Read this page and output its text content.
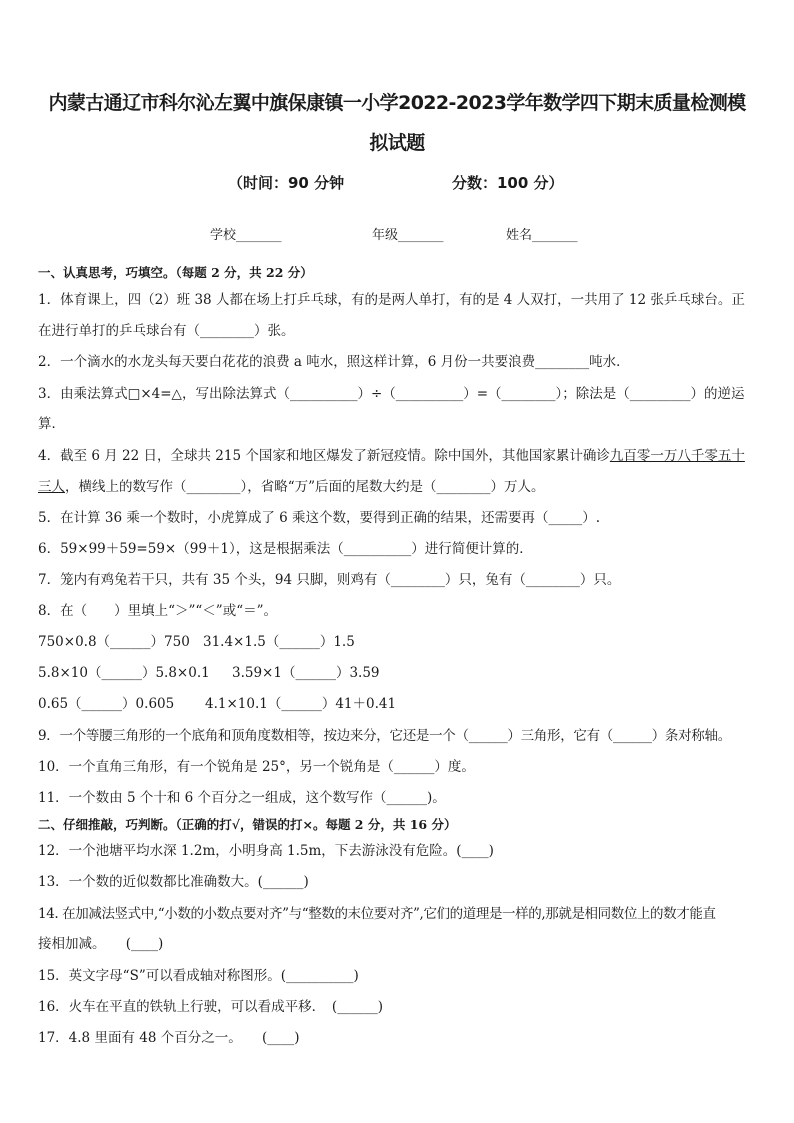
内蒙古通辽市科尔沁左翼中旗保康镇一小学2022-2023学年数学四下期末质量检测模
拟试题
（时间：90 分钟	分数：100 分）
学校_______	年级_______	姓名_______
一、认真思考，巧填空。（每题 2 分，共 22 分）
1．体育课上，四（2）班 38 人都在场上打乒乓球，有的是两人单打，有的是 4 人双打，一共用了 12 张乒乓球台。正
在进行单打的乒乓球台有（________）张。
2．一个滴水的水龙头每天要白花花的浪费 a 吨水，照这样计算，6 月份一共要浪费________吨水．
3．由乘法算式□×4=△，写出除法算式（__________）÷（__________）=（________）；除法是（_________）的逆运
算．
4．截至 6 月 22 日，全球共 215 个国家和地区爆发了新冠疫情。除中国外，其他国家累计确诊九百零一万八千零五十
三人，横线上的数写作（________），省略“万”后面的尾数大约是（________）万人。
5．在计算 36 乘一个数时，小虎算成了 6 乘这个数，要得到正确的结果，还需要再（_____）.
6．59×99＋59=59×（99＋1），这是根据乘法（__________）进行简便计算的．
7．笼内有鸡兔若干只，共有 35 个头，94 只脚，则鸡有（________）只，兔有（________）只。
8．在（　　）里填上“＞”“＜”或“＝”。
750×0.8（______）750 31.4×1.5（______）1.5
5.8×10（______）5.8×0.1 3.59×1（______）3.59
0.65（______）0.605 4.1×10.1（______）41＋0.41
9．一个等腰三角形的一个底角和顶角度数相等，按边来分，它还是一个（______）三角形，它有（______）条对称轴。
10．一个直角三角形，有一个锐角是 25°，另一个锐角是（______）度。
11．一个数由 5 个十和 6 个百分之一组成，这个数写作（______)。
二、仔细推敲，巧判断。（正确的打√，错误的打×。每题 2 分，共 16 分）
12．一个池塘平均水深 1.2m，小明身高 1.5m，下去游泳没有危险。(____)
13．一个数的近似数都比准确数大。(______)
14. 在加减法竖式中,“小数的小数点要对齐”与“整数的末位要对齐”,它们的道理是一样的,那就是相同数位上的数才能直
接相加减。　　(____)
15．英文字母“S”可以看成轴对称图形。(__________)
16．火车在平直的铁轨上行驶，可以看成平移．　(______)
17．4.8 里面有 48 个百分之一。　　(____)
